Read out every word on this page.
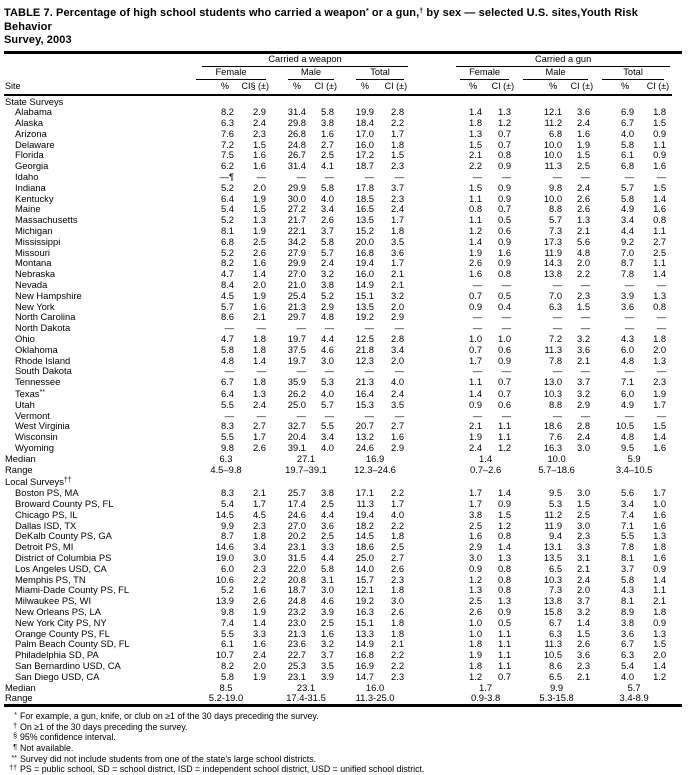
TABLE 7. Percentage of high school students who carried a weapon* or a gun,† by sex — selected U.S. sites,Youth Risk Behavior
Survey, 2003

	Carried a weapon							Carried a gun					

	Female		Male		Total			Female		Male		Total	

Site	%	CI§ (±)	%	CI (±)	%	CI (±)		%	CI (±)	%	CI (±)	%	CI (±)
State Surveys													
Alabama	8.2	2.9	31.4	5.8	19.9	2.8		1.4	1.3	12.1	3.6	6.9	1.8
Alaska	6.3	2.4	29.8	3.8	18.4	2.2		1.8	1.2	11.2	2.4	6.7	1.5
Arizona	7.6	2.3	26.8	1.6	17.0	1.7		1.3	0.7	6.8	1.6	4.0	0.9
Delaware	7.2	1.5	24.8	2.7	16.0	1.8		1.5	0.7	10.0	1.9	5.8	1.1
Florida	7.5	1.6	26.7	2.5	17.2	1.5		2.1	0.8	10.0	1.5	6.1	0.9
Georgia	6.2	1.6	31.4	4.1	18.7	2.3		2.2	0.9	11.3	2.5	6.8	1.6
Idaho	—¶	—	—	—	—	—		—	—	—	—	—	—
Indiana	5.2	2.0	29.9	5.8	17.8	3.7		1.5	0.9	9.8	2.4	5.7	1.5
Kentucky	6.4	1.9	30.0	4.0	18.5	2.3		1.1	0.9	10.0	2.6	5.8	1.4
Maine	5.4	1.5	27.2	3.4	16.5	2.4		0.8	0.7	8.8	2.6	4.9	1.6
Massachusetts	5.2	1.3	21.7	2.6	13.5	1.7		1.1	0.5	5.7	1.3	3.4	0.8
Michigan	8.1	1.9	22.1	3.7	15.2	1.8		1.2	0.6	7.3	2.1	4.4	1.1
Mississippi	6.8	2.5	34.2	5.8	20.0	3.5		1.4	0.9	17.3	5.6	9.2	2.7
Missouri	5.2	2.6	27.9	5.7	16.8	3.6		1.9	1.6	11.9	4.8	7.0	2.5
Montana	8.2	1.6	29.9	2.4	19.4	1.7		2.6	0.9	14.3	2.0	8.7	1.1
Nebraska	4.7	1.4	27.0	3.2	16.0	2.1		1.6	0.8	13.8	2.2	7.8	1.4
Nevada	8.4	2.0	21.0	3.8	14.9	2.1		—	—	—	—	—	—
New Hampshire	4.5	1.9	25.4	5.2	15.1	3.2		0.7	0.5	7.0	2.3	3.9	1.3
New York	5.7	1.6	21.3	2.9	13.5	2.0		0.9	0.4	6.3	1.5	3.6	0.8
North Carolina	8.6	2.1	29.7	4.8	19.2	2.9		—	—	—	—	—	—
North Dakota	—	—	—	—	—	—		—	—	—	—	—	—
Ohio	4.7	1.8	19.7	4.4	12.5	2.8		1.0	1.0	7.2	3.2	4.3	1.8
Oklahoma	5.8	1.8	37.5	4.6	21.8	3.4		0.7	0.6	11.3	3.6	6.0	2.0
Rhode Island	4.8	1.4	19.7	3.0	12.3	2.0		1.7	0.9	7.8	2.1	4.8	1.3
South Dakota	—	—	—	—	—	—		—	—	—	—	—	—
Tennessee	6.7	1.8	35.9	5.3	21.3	4.0		1.1	0.7	13.0	3.7	7.1	2.3
Texas**	6.4	1.3	26.2	4.0	16.4	2.4		1.4	0.7	10.3	3.2	6.0	1.9
Utah	5.5	2.4	25.0	5.7	15.3	3.5		0.9	0.6	8.8	2.9	4.9	1.7
Vermont	—	—	—	—	—	—		—	—	—	—	—	—
West Virginia	8.3	2.7	32.7	5.5	20.7	2.7		2.1	1.1	18.6	2.8	10.5	1.5
Wisconsin	5.5	1.7	20.4	3.4	13.2	1.6		1.9	1.1	7.6	2.4	4.8	1.4
Wyoming	9.8	2.6	39.1	4.0	24.6	2.9		2.4	1.2	16.3	3.0	9.5	1.6
Median	6.3		27.1		16.9			1.4		10.0		5.9	
Range	4.5–9.8		19.7–39.1		12.3–24.6			0.7–2.6		5.7–18.6		3.4–10.5	
Local Surveys††
Boston PS, MA	8.3	2.1	25.7	3.8	17.1	2.2		1.7	1.4	9.5	3.0	5.6	1.7
Broward County PS, FL	5.4	1.7	17.4	2.5	11.3	1.7		1.7	0.9	5.3	1.5	3.4	1.0
Chicago PS, IL	14.5	4.5	24.6	4.4	19.4	4.0		3.8	1.5	11.2	2.5	7.4	1.6
Dallas ISD, TX	9.9	2.3	27.0	3.6	18.2	2.2		2.5	1.2	11.9	3.0	7.1	1.6
DeKalb County PS, GA	8.7	1.8	20.2	2.5	14.5	1.8		1.6	0.8	9.4	2.3	5.5	1.3
Detroit PS, MI	14.6	3.4	23.1	3.3	18.6	2.5		2.9	1.4	13.1	3.3	7.8	1.8
District of Columbia PS	19.0	3.0	31.5	4.4	25.0	2.7		3.0	1.3	13.5	3.1	8.1	1.6
Los Angeles USD, CA	6.0	2.3	22.0	5.8	14.0	2.6		0.9	0.8	6.5	2.1	3.7	0.9
Memphis PS, TN	10.6	2.2	20.8	3.1	15.7	2.3		1.2	0.8	10.3	2.4	5.8	1.4
Miami-Dade County PS, FL	5.2	1.6	18.7	3.0	12.1	1.8		1.3	0.8	7.3	2.0	4.3	1.1
Milwaukee PS, WI	13.9	2.6	24.8	4.6	19.2	3.0		2.5	1.3	13.8	3.7	8.1	2.1
New Orleans PS, LA	9.8	1.9	23.2	3.9	16.3	2.6		2.6	0.9	15.8	3.2	8.9	1.8
New York City PS, NY	7.4	1.4	23.0	2.5	15.1	1.8		1.0	0.5	6.7	1.4	3.8	0.9
Orange County PS, FL	5.5	3.3	21.3	1.6	13.3	1.8		1.0	1.1	6.3	1.5	3.6	1.3
Palm Beach County SD, FL	6.1	1.6	23.6	3.2	14.9	2.1		1.8	1.1	11.3	2.6	6.7	1.5
Philadelphia SD, PA	10.7	2.4	22.7	3.7	16.8	2.2		1.9	1.1	10.5	3.6	6.3	2.0
San Bernardino USD, CA	8.2	2.0	25.3	3.5	16.9	2.2		1.8	1.1	8.6	2.3	5.4	1.4
San Diego USD, CA	5.8	1.9	23.1	3.9	14.7	2.3		1.2	0.7	6.5	2.1	4.0	1.2
Median	8.5		23.1		16.0			1.7		9.9		5.7	
Range	5.2-19.0		17.4-31.5		11.3-25.0			0.9-3.8		5.3-15.8		3.4-8.9	
* For example, a gun, knife, or club on ≥1 of the 30 days preceding the survey.
† On ≥1 of the 30 days preceding the survey.
§ 95% confidence interval.
¶ Not available.
** Survey did not include students from one of the state's large school districts.
†† PS = public school, SD = school district, ISD = independent school district, USD = unified school district.
